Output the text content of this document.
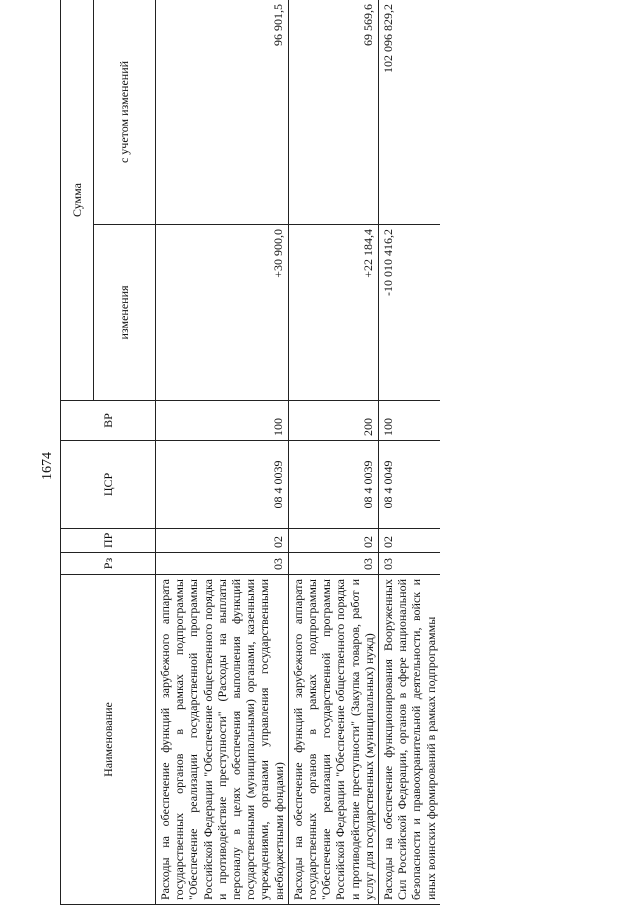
1674
Наименование	Рз	ПР	ЦСР	ВР	Сумма	
					изменения	с учетом изменений
Расходы на обеспечение функций зарубежного аппарата государственных органов в рамках подпрограммы "Обеспечение реализации государственной программы Российской Федерации "Обеспечение общественного порядка и противодействие преступности" (Расходы на выплаты персоналу в целях обеспечения выполнения функций государственными (муниципальными) органами, казенными учреждениями, органами управления государственными внебюджетными фондами)	03	02	08 4 0039	100	+30 900,0	96 901,5
Расходы на обеспечение функций зарубежного аппарата государственных органов в рамках подпрограммы "Обеспечение реализации государственной программы Российской Федерации "Обеспечение общественного порядка и противодействие преступности" (Закупка товаров, работ и услуг для государственных (муниципальных) нужд)	03	02	08 4 0039	200	+22 184,4	69 569,6
Расходы на обеспечение функционирования Вооруженных Сил Российской Федерации, органов в сфере национальной безопасности и правоохранительной деятельности, войск и иных воинских формирований в рамках подпрограммы	03	02	08 4 0049	100	-10 010 416,2	102 096 829,2
